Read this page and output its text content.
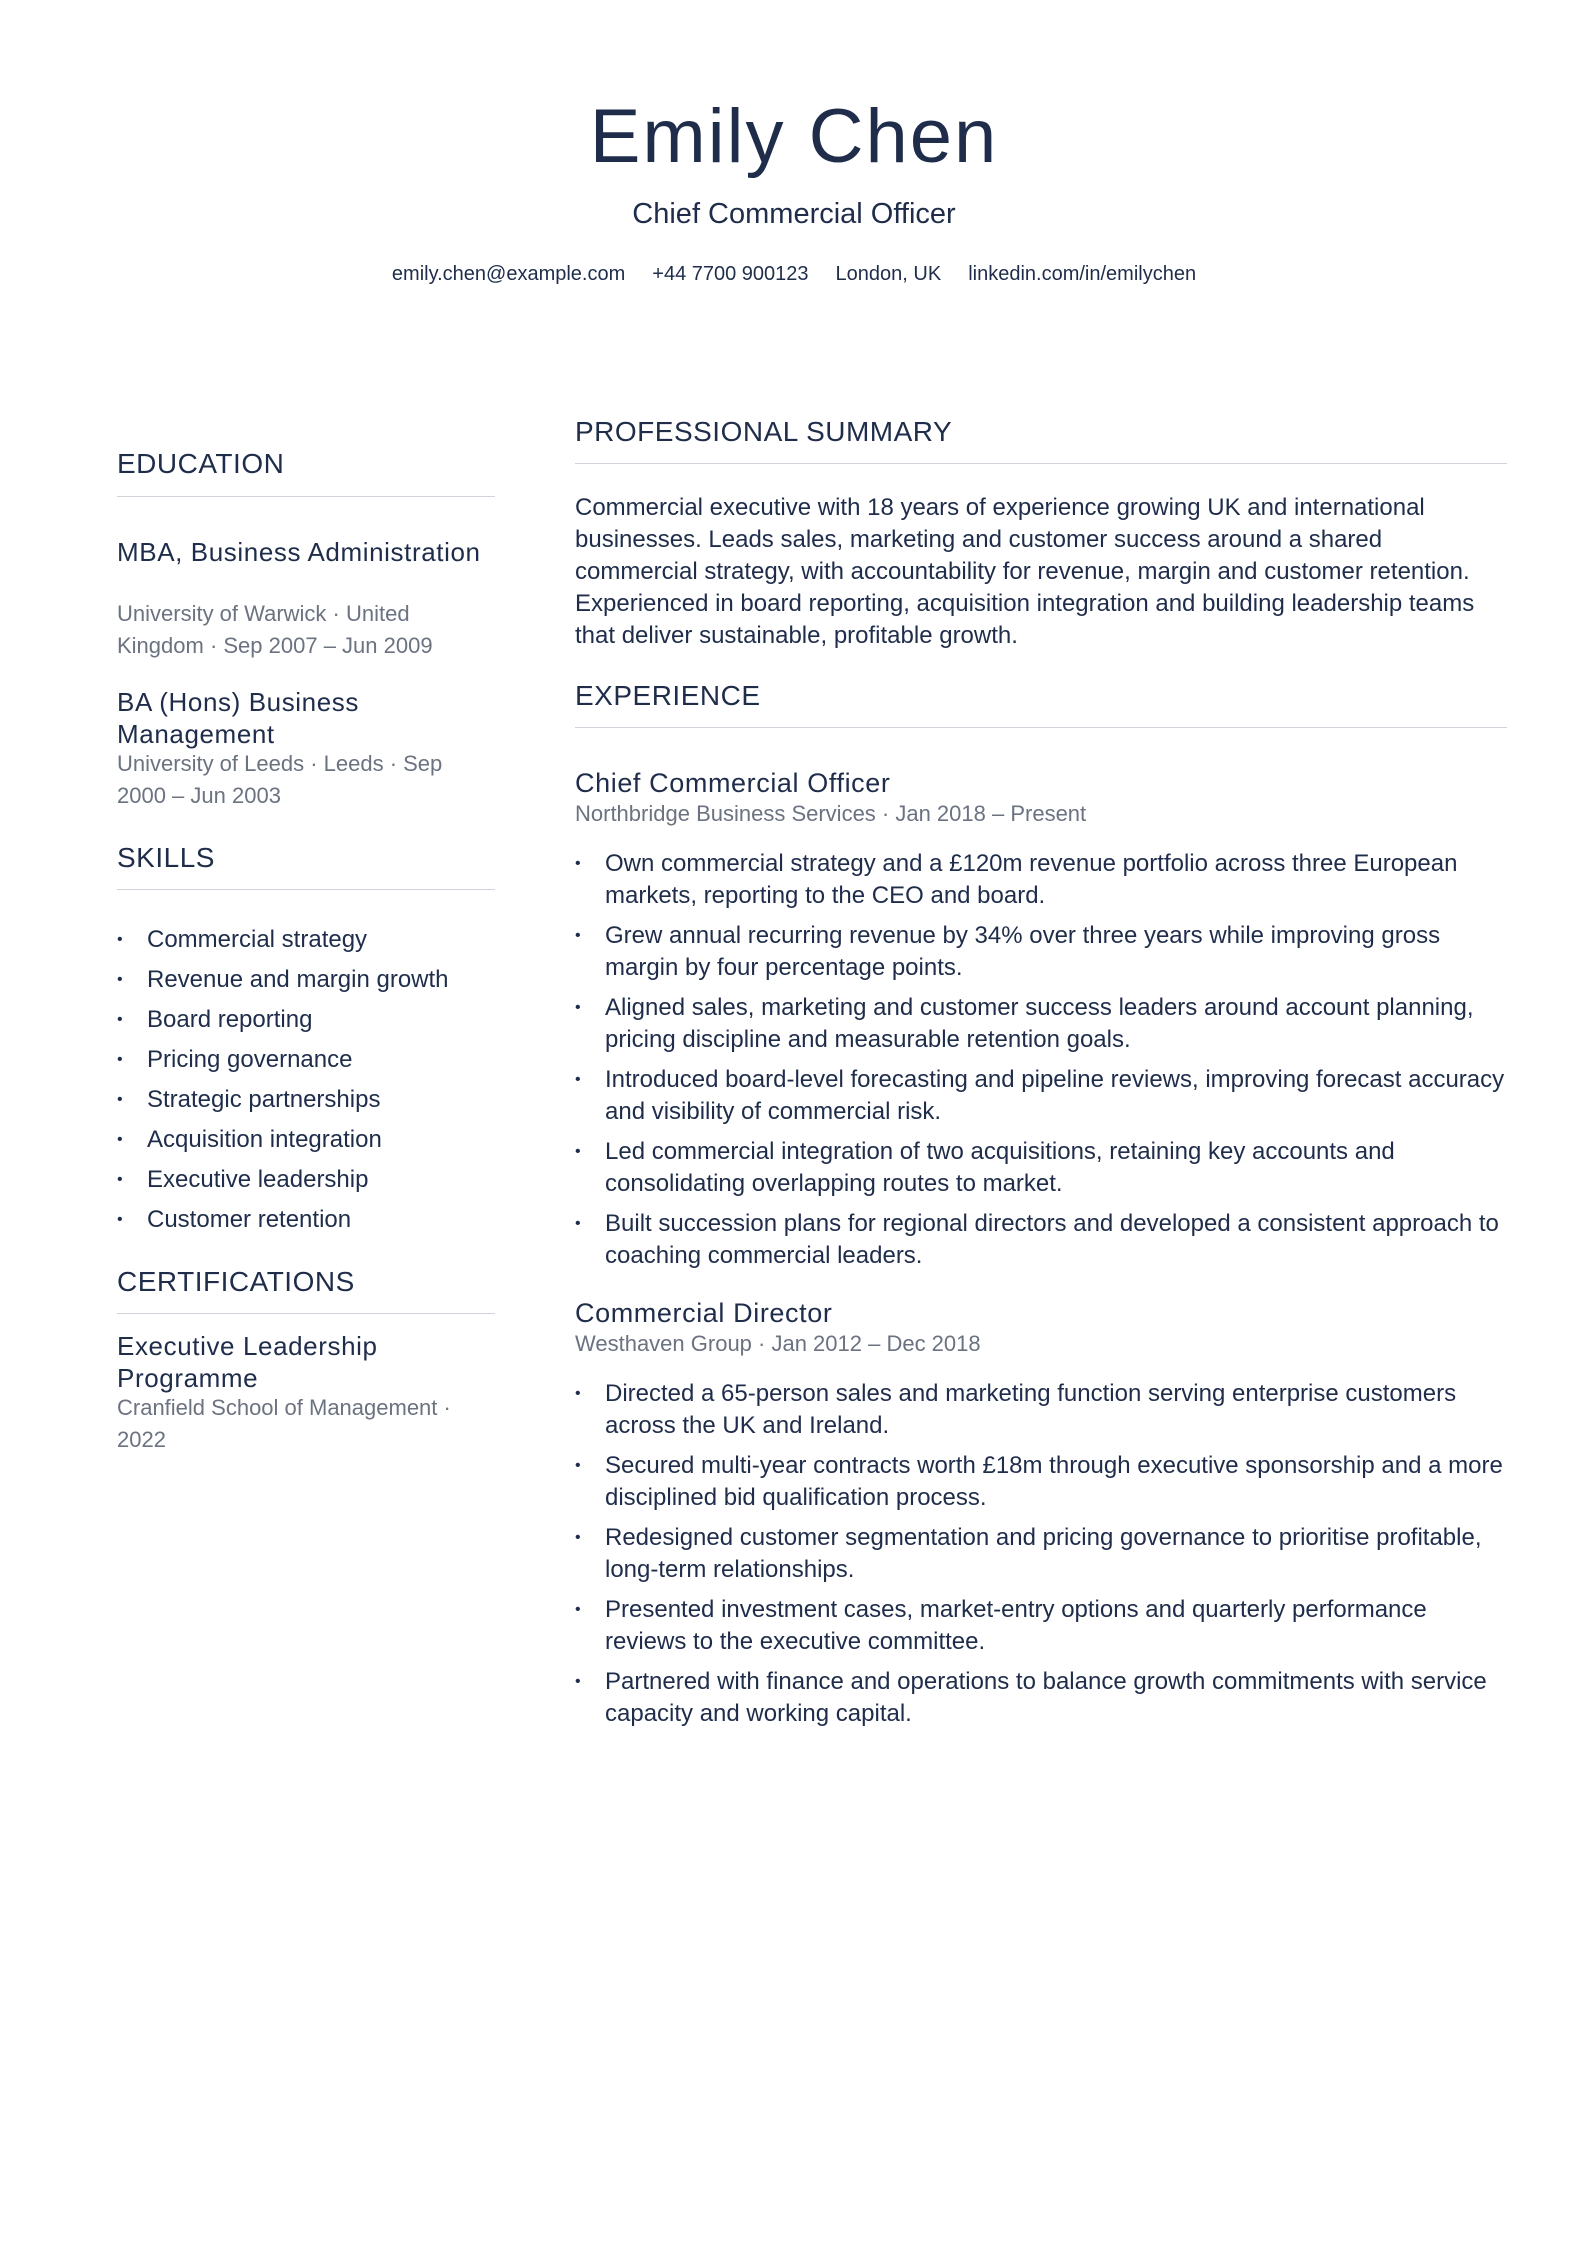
Emily Chen
Chief Commercial Officer
emily.chen@example.com +44 7700 900123 London, UK linkedin.com/in/emilychen
EDUCATION
MBA, Business Administration
University of Warwick · United Kingdom · Sep 2007 – Jun 2009
BA (Hons) Business Management
University of Leeds · Leeds · Sep 2000 – Jun 2003
SKILLS
• Commercial strategy
• Revenue and margin growth
• Board reporting
• Pricing governance
• Strategic partnerships
• Acquisition integration
• Executive leadership
• Customer retention
CERTIFICATIONS
Executive Leadership Programme
Cranfield School of Management · 2022
PROFESSIONAL SUMMARY
Commercial executive with 18 years of experience growing UK and international businesses. Leads sales, marketing and customer success around a shared commercial strategy, with accountability for revenue, margin and customer retention. Experienced in board reporting, acquisition integration and building leadership teams that deliver sustainable, profitable growth.
EXPERIENCE
Chief Commercial Officer
Northbridge Business Services · Jan 2018 – Present
• Own commercial strategy and a £120m revenue portfolio across three European markets, reporting to the CEO and board.
• Grew annual recurring revenue by 34% over three years while improving gross margin by four percentage points.
• Aligned sales, marketing and customer success leaders around account planning, pricing discipline and measurable retention goals.
• Introduced board-level forecasting and pipeline reviews, improving forecast accuracy and visibility of commercial risk.
• Led commercial integration of two acquisitions, retaining key accounts and consolidating overlapping routes to market.
• Built succession plans for regional directors and developed a consistent approach to coaching commercial leaders.
Commercial Director
Westhaven Group · Jan 2012 – Dec 2018
• Directed a 65-person sales and marketing function serving enterprise customers across the UK and Ireland.
• Secured multi-year contracts worth £18m through executive sponsorship and a more disciplined bid qualification process.
• Redesigned customer segmentation and pricing governance to prioritise profitable, long-term relationships.
• Presented investment cases, market-entry options and quarterly performance reviews to the executive committee.
• Partnered with finance and operations to balance growth commitments with service capacity and working capital.
